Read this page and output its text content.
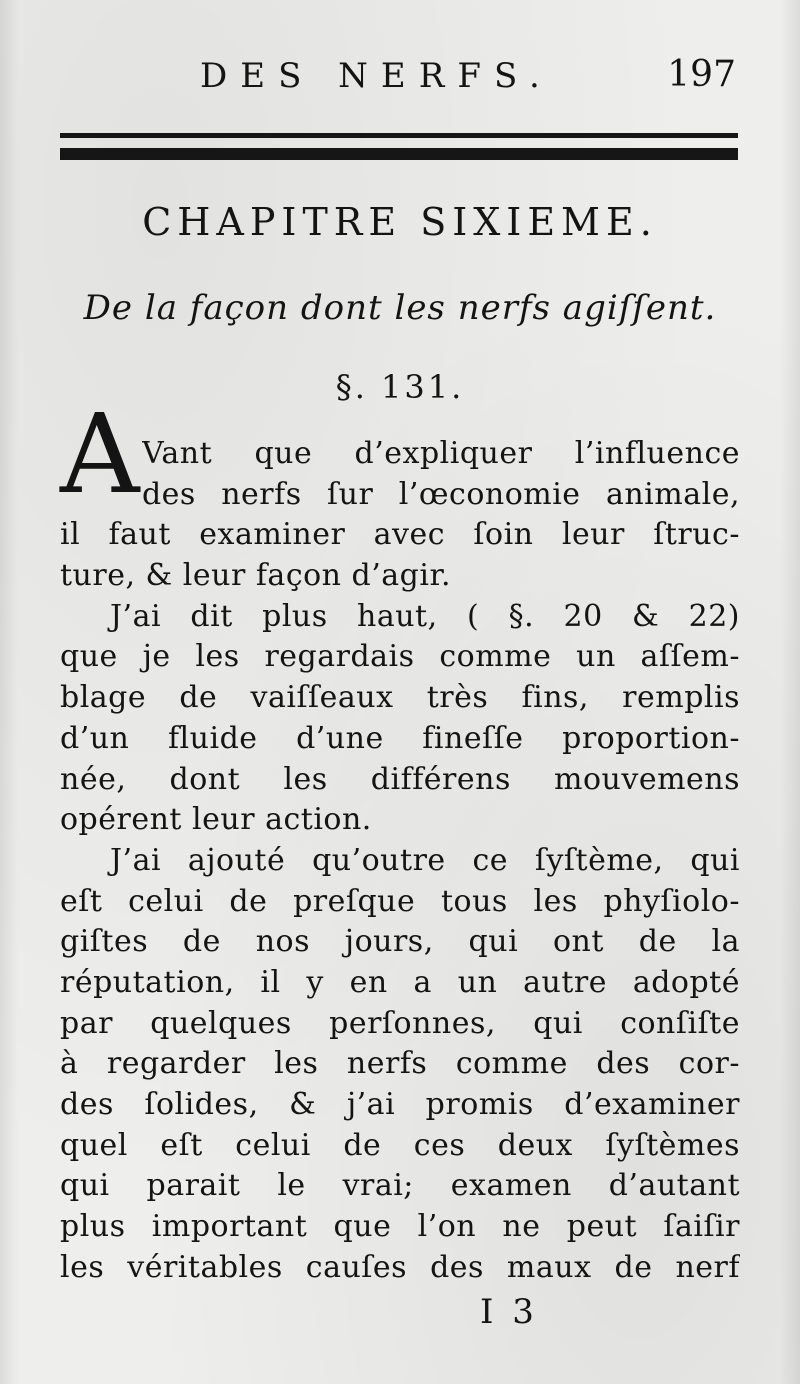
DES NERFS.	197
CHAPITRE SIXIEME.
De la façon dont les nerfs agiſſent.
§. 131.
A Vant que d’expliquer l’influence
des nerfs ſur l’œconomie animale,
il faut examiner avec ſoin leur ſtruc-
ture, & leur façon d’agir.
J’ai dit plus haut, ( §. 20 & 22)
que je les regardais comme un aſſem-
blage de vaiſſeaux très fins, remplis
d’un fluide d’une fineſſe proportion-
née, dont les différens mouvemens
opérent leur action.
J’ai ajouté qu’outre ce ſyſtème, qui
eſt celui de preſque tous les phyſiolo-
giſtes de nos jours, qui ont de la
réputation, il y en a un autre adopté
par quelques perſonnes, qui conſiſte
à regarder les nerfs comme des cor-
des ſolides, & j’ai promis d’examiner
quel eſt celui de ces deux ſyſtèmes
qui parait le vrai; examen d’autant
plus important que l’on ne peut ſaiſir
les véritables cauſes des maux de nerf
I 3
